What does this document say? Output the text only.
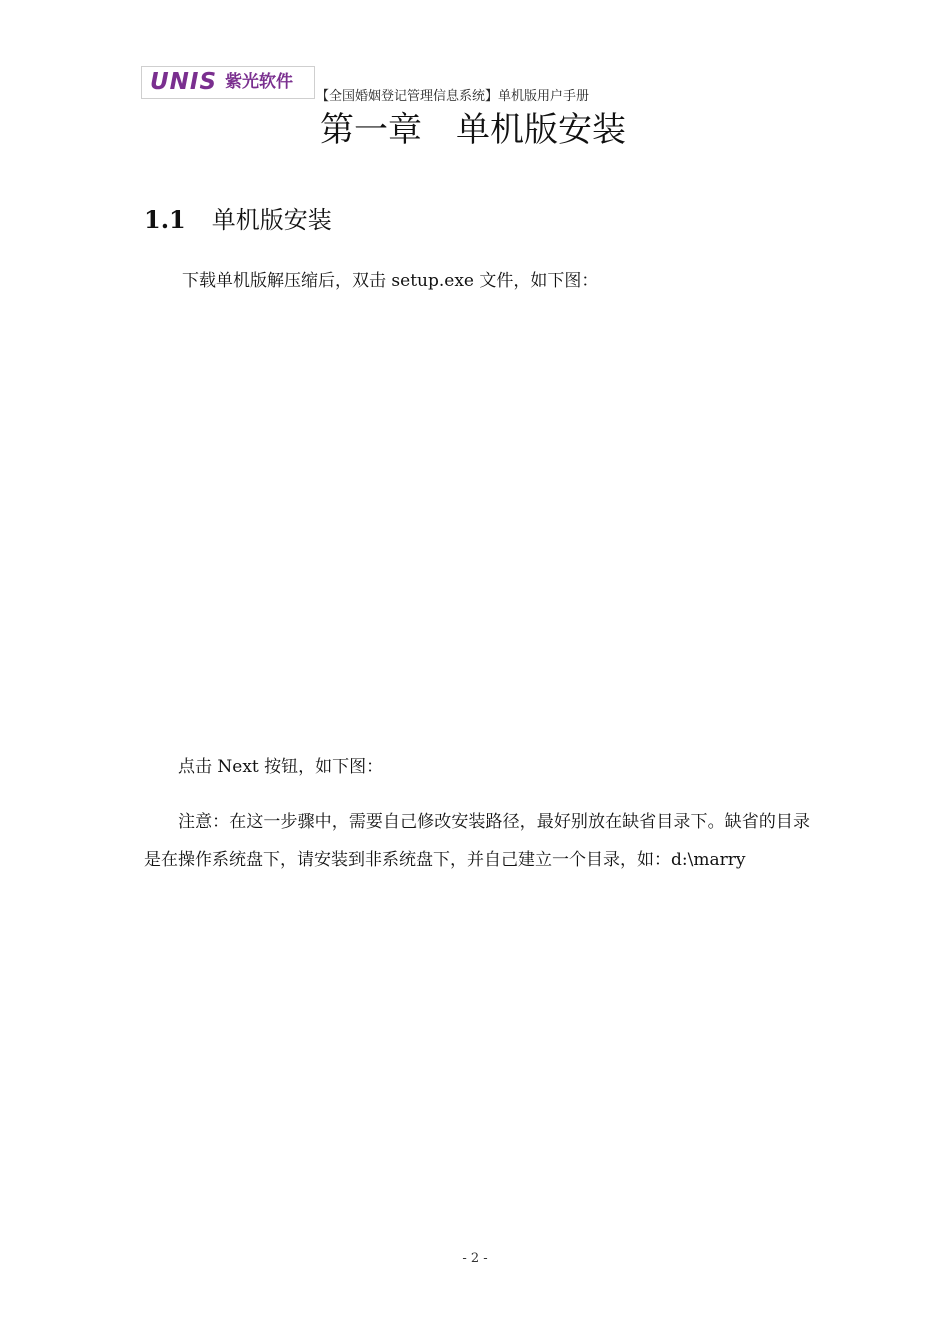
UNIS 紫光软件
【全国婚姻登记管理信息系统】单机版用户手册
第一章　单机版安装
1.1 单机版安装
下载单机版解压缩后，双击 setup.exe 文件，如下图：
点击 Next 按钮，如下图：
注意：在这一步骤中，需要自己修改安装路径，最好别放在缺省目录下。缺省的目录是在操作系统盘下，请安装到非系统盘下，并自己建立一个目录，如：d:\marry
- 2 -
